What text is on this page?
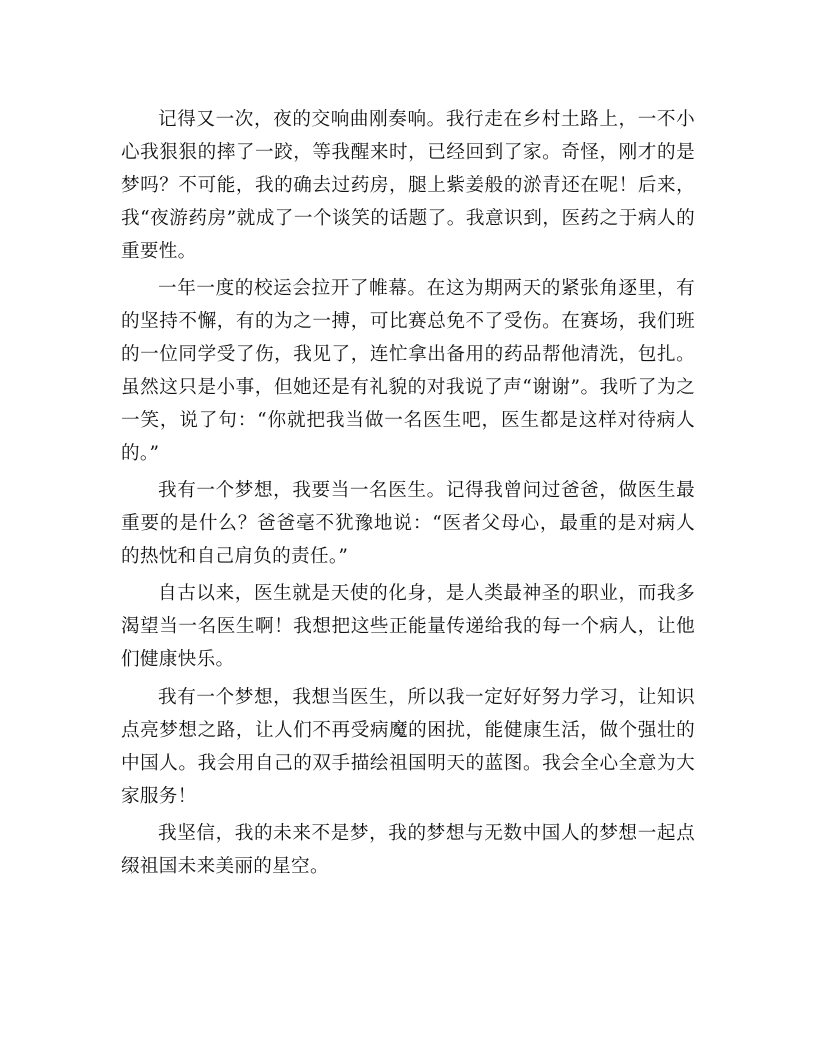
记得又一次，夜的交响曲刚奏响。我行走在乡村土路上，一不小心我狠狠的摔了一跤，等我醒来时，已经回到了家。奇怪，刚才的是梦吗？不可能，我的确去过药房，腿上紫姜般的淤青还在呢！后来，我“夜游药房”就成了一个谈笑的话题了。我意识到，医药之于病人的重要性。

一年一度的校运会拉开了帷幕。在这为期两天的紧张角逐里，有的坚持不懈，有的为之一搏，可比赛总免不了受伤。在赛场，我们班的一位同学受了伤，我见了，连忙拿出备用的药品帮他清洗，包扎。虽然这只是小事，但她还是有礼貌的对我说了声“谢谢”。我听了为之一笑，说了句：“你就把我当做一名医生吧，医生都是这样对待病人的。”

我有一个梦想，我要当一名医生。记得我曾问过爸爸，做医生最重要的是什么？爸爸毫不犹豫地说：“医者父母心，最重的是对病人的热忱和自己肩负的责任。”

自古以来，医生就是天使的化身，是人类最神圣的职业，而我多渴望当一名医生啊！我想把这些正能量传递给我的每一个病人，让他们健康快乐。

我有一个梦想，我想当医生，所以我一定好好努力学习，让知识点亮梦想之路，让人们不再受病魔的困扰，能健康生活，做个强壮的中国人。我会用自己的双手描绘祖国明天的蓝图。我会全心全意为大家服务！

我坚信，我的未来不是梦，我的梦想与无数中国人的梦想一起点缀祖国未来美丽的星空。
